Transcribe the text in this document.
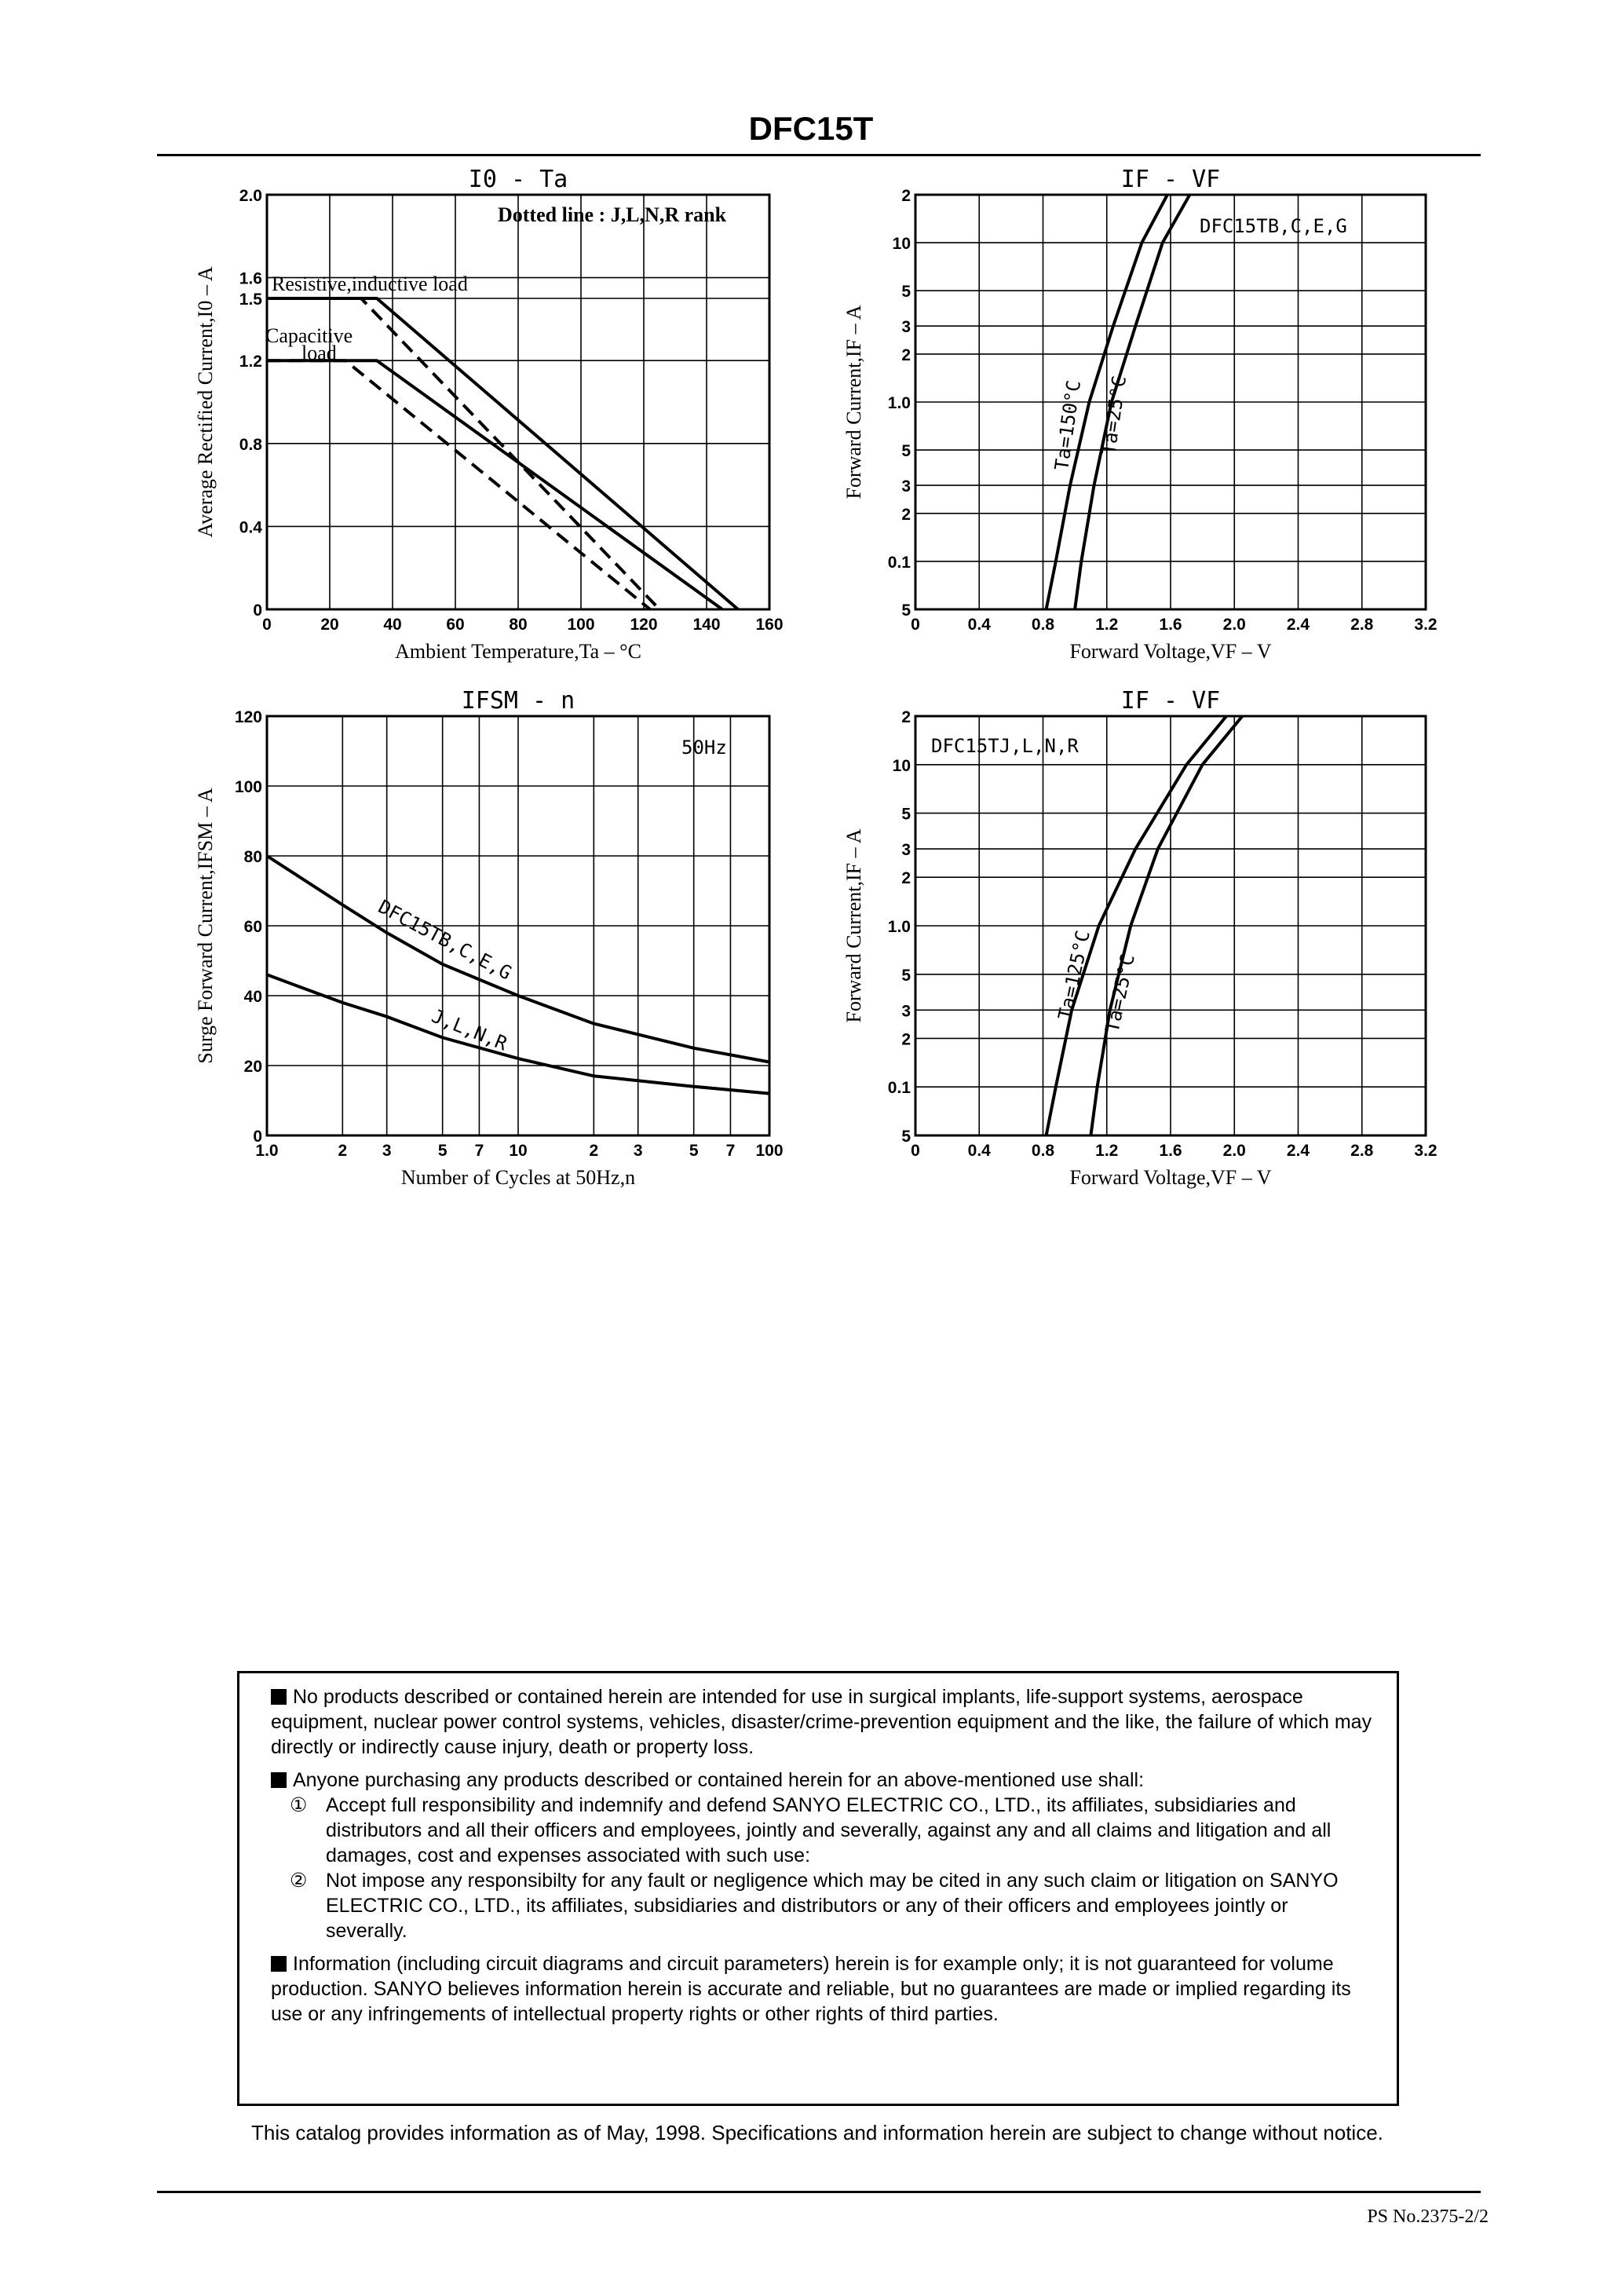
DFC15T
0	20	40	60	80 100 120 140 160
0
0.4
0.8
1.2
1.5
1.6
2.0
I0 - Ta
Ambient Temperature,Ta – °C
Average Rectified Current,I0 – A
0	0.4 0.8 1.2 1.6 2.0 2.4 2.8 3.2
5
0.1
2
3
5
1.0
2
3
5
10
2
IF - VF
Forward Voltage,VF – V
Forward Current,IF – A
1.0	2 3	5 7 10	2 3	5 7 100
0
20
40
60
80
100
120
IFSM - n
Number of Cycles at 50Hz,n
Surge Forward Current,IFSM – A
0	0.4 0.8 1.2 1.6 2.0 2.4 2.8 3.2
5
0.1
2
3
5
1.0
2
3
5
10
2
IF - VF
Forward Voltage,VF – V
Forward Current,IF – A
Dotted line : J,L,N,R rank
Resistive,inductive load
Capacitive
load
DFC15TB,C,E,G
Ta=150°C Ta=25°C
50Hz
DFC15TB,C,E,G
J,L,N,R
DFC15TJ,L,N,R
Ta=125°C Ta=25°C
No products described or contained herein are intended for use in surgical implants, life-support systems, aerospace equipment, nuclear power control systems, vehicles, disaster/crime-prevention equipment and the like, the failure of which may directly or indirectly cause injury, death or property loss.
Anyone purchasing any products described or contained herein for an above-mentioned use shall:
① Accept full responsibility and indemnify and defend SANYO ELECTRIC CO., LTD., its affiliates, subsidiaries and distributors and all their officers and employees, jointly and severally, against any and all claims and litigation and all damages, cost and expenses associated with such use:
② Not impose any responsibilty for any fault or negligence which may be cited in any such claim or litigation on SANYO ELECTRIC CO., LTD., its affiliates, subsidiaries and distributors or any of their officers and employees jointly or severally.
Information (including circuit diagrams and circuit parameters) herein is for example only; it is not guaranteed for volume production. SANYO believes information herein is accurate and reliable, but no guarantees are made or implied regarding its use or any infringements of intellectual property rights or other rights of third parties.
This catalog provides information as of May, 1998. Specifications and information herein are subject to change without notice.
PS No.2375-2/2
